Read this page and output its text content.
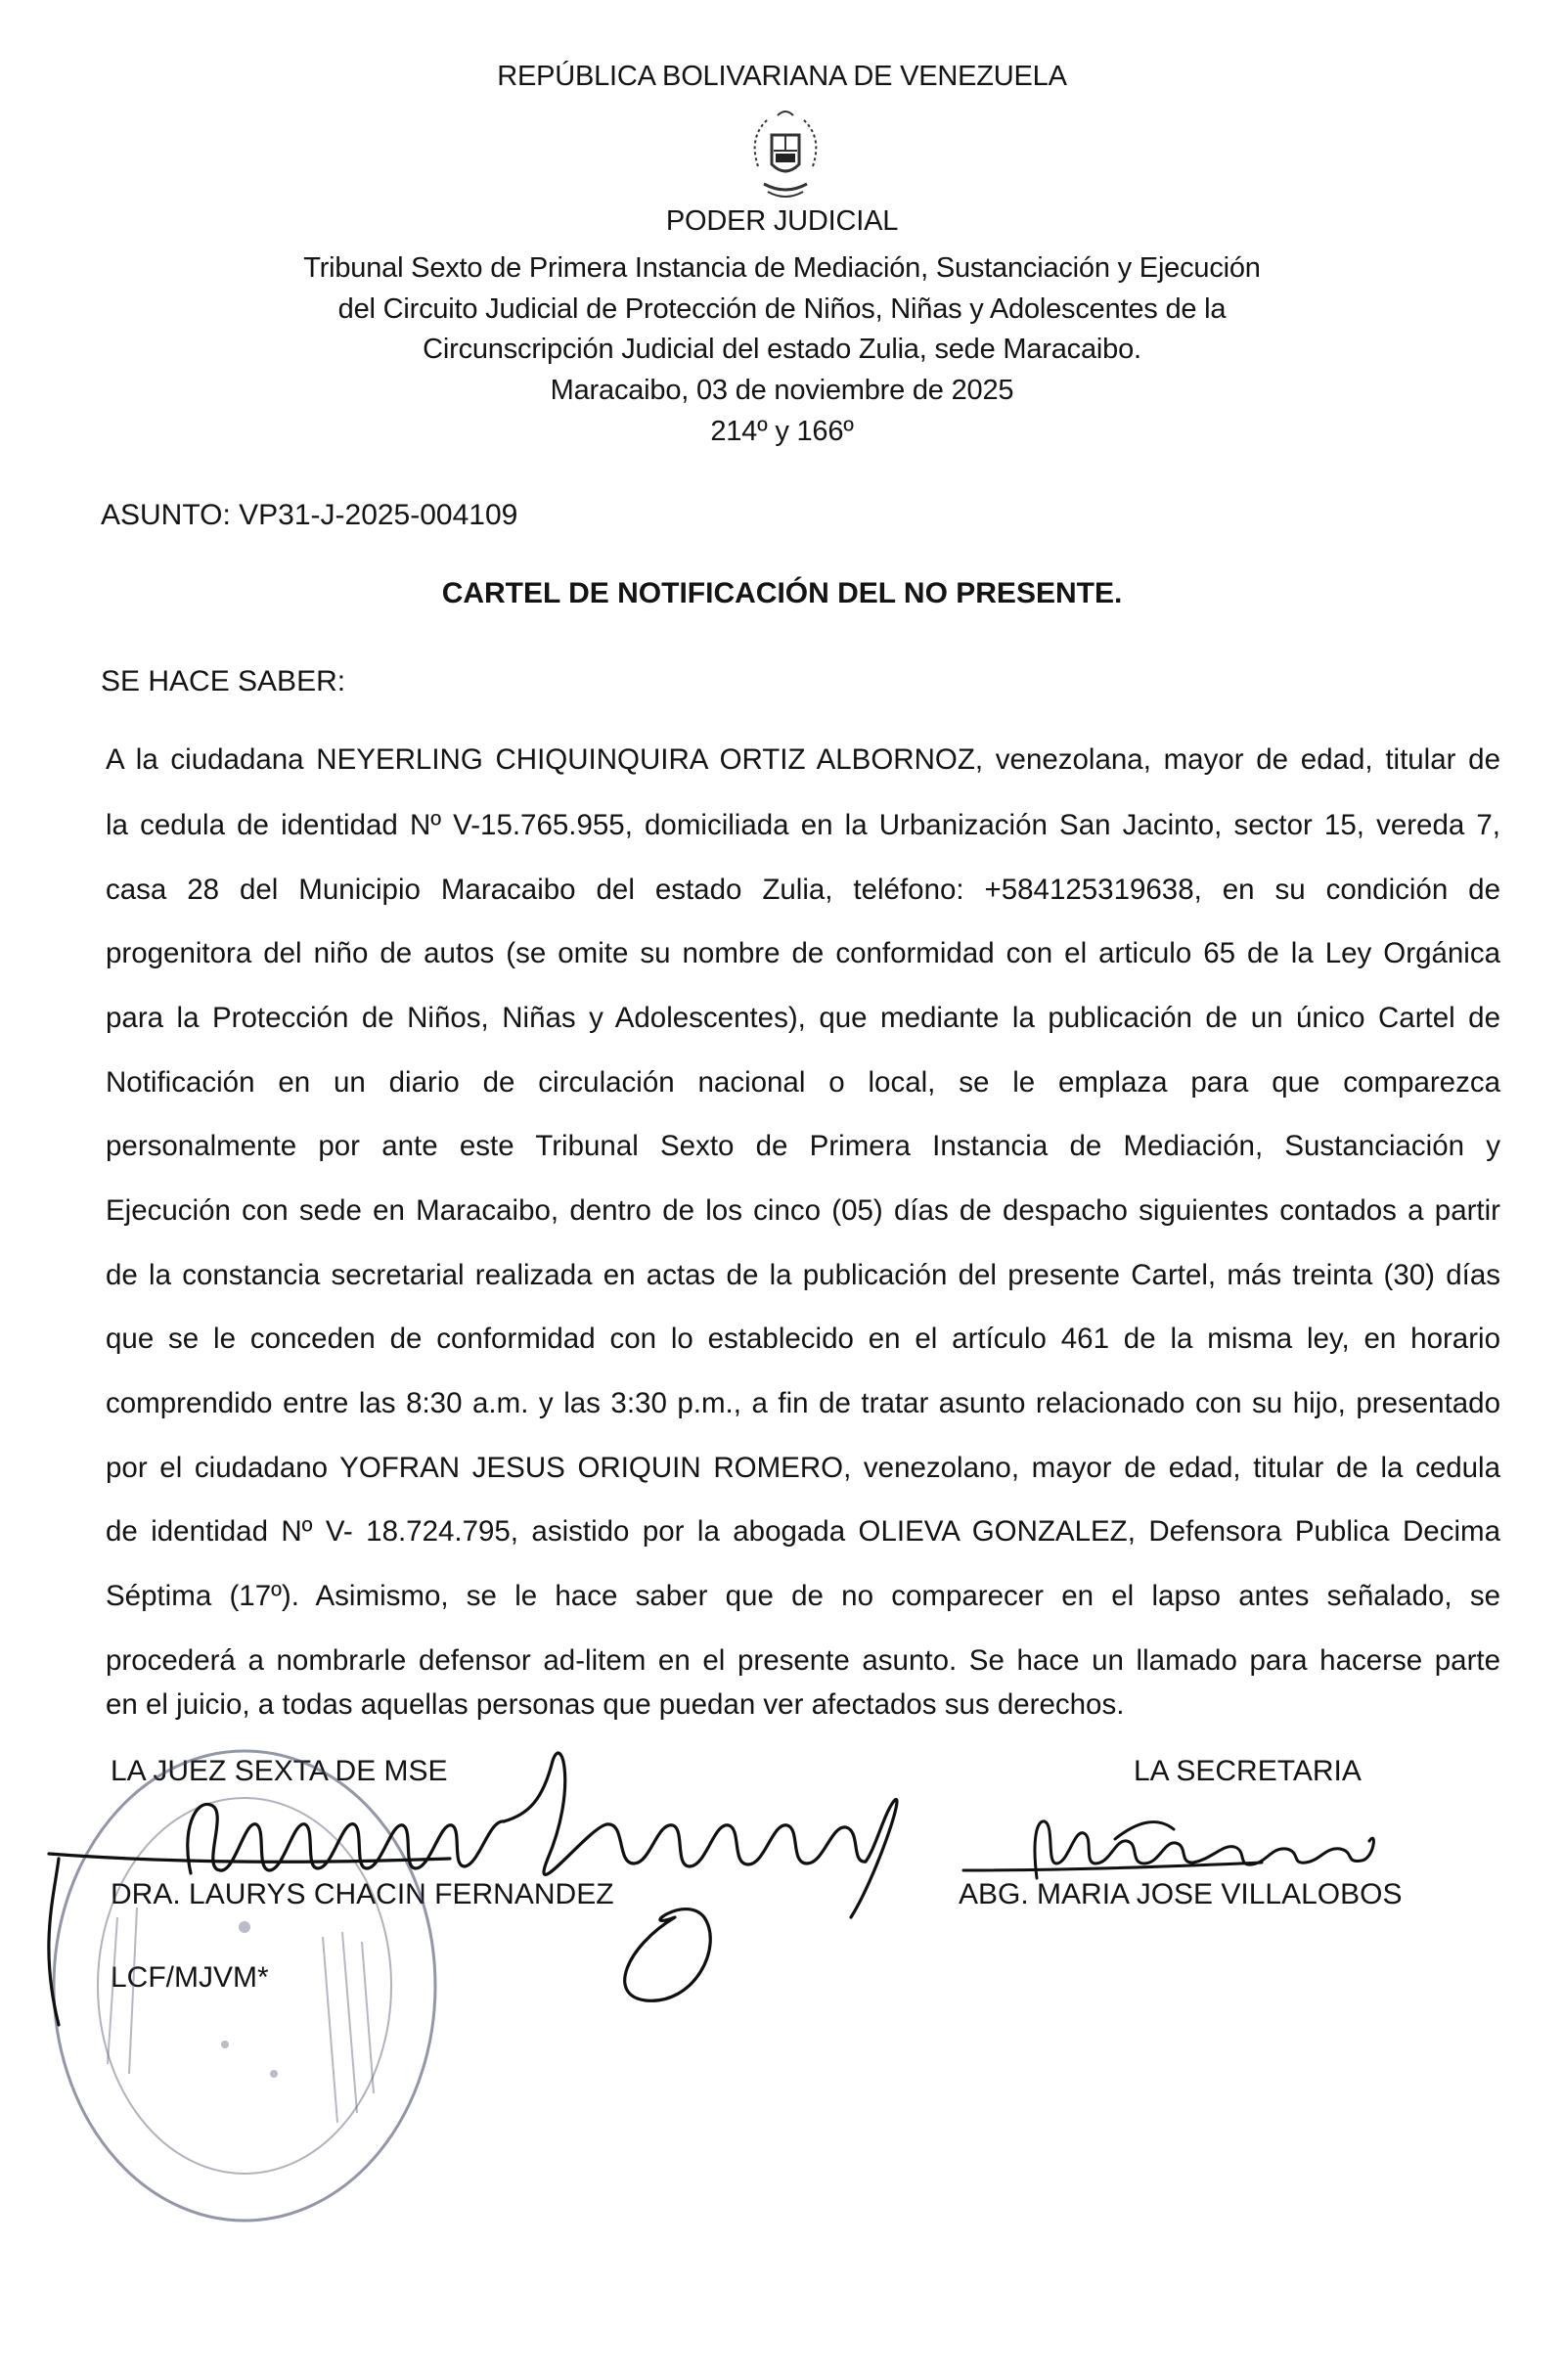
REPÚBLICA BOLIVARIANA DE VENEZUELA
PODER JUDICIAL
Tribunal Sexto de Primera Instancia de Mediación, Sustanciación y Ejecución
del Circuito Judicial de Protección de Niños, Niñas y Adolescentes de la
Circunscripción Judicial del estado Zulia, sede Maracaibo.
Maracaibo, 03 de noviembre de 2025
214º y 166º
ASUNTO: VP31-J-2025-004109
CARTEL DE NOTIFICACIÓN DEL NO PRESENTE.
SE HACE SABER:
A la ciudadana NEYERLING CHIQUINQUIRA ORTIZ ALBORNOZ, venezolana, mayor de edad, titular de
la cedula de identidad Nº V-15.765.955, domiciliada en la Urbanización San Jacinto, sector 15, vereda 7,
casa 28 del Municipio Maracaibo del estado Zulia, teléfono: +584125319638, en su condición de
progenitora del niño de autos (se omite su nombre de conformidad con el articulo 65 de la Ley Orgánica
para la Protección de Niños, Niñas y Adolescentes), que mediante la publicación de un único Cartel de
Notificación en un diario de circulación nacional o local, se le emplaza para que comparezca
personalmente por ante este Tribunal Sexto de Primera Instancia de Mediación, Sustanciación y
Ejecución con sede en Maracaibo, dentro de los cinco (05) días de despacho siguientes contados a partir
de la constancia secretarial realizada en actas de la publicación del presente Cartel, más treinta (30) días
que se le conceden de conformidad con lo establecido en el artículo 461 de la misma ley, en horario
comprendido entre las 8:30 a.m. y las 3:30 p.m., a fin de tratar asunto relacionado con su hijo, presentado
por el ciudadano YOFRAN JESUS ORIQUIN ROMERO, venezolano, mayor de edad, titular de la cedula
de identidad Nº V- 18.724.795, asistido por la abogada OLIEVA GONZALEZ, Defensora Publica Decima
Séptima (17º). Asimismo, se le hace saber que de no comparecer en el lapso antes señalado, se
procederá a nombrarle defensor ad-litem en el presente asunto. Se hace un llamado para hacerse parte
en el juicio, a todas aquellas personas que puedan ver afectados sus derechos.
LA JUEZ SEXTA DE MSE	LA SECRETARIA
DRA. LAURYS CHACIN FERNANDEZ	ABG. MARIA JOSE VILLALOBOS
LCF/MJVM*
